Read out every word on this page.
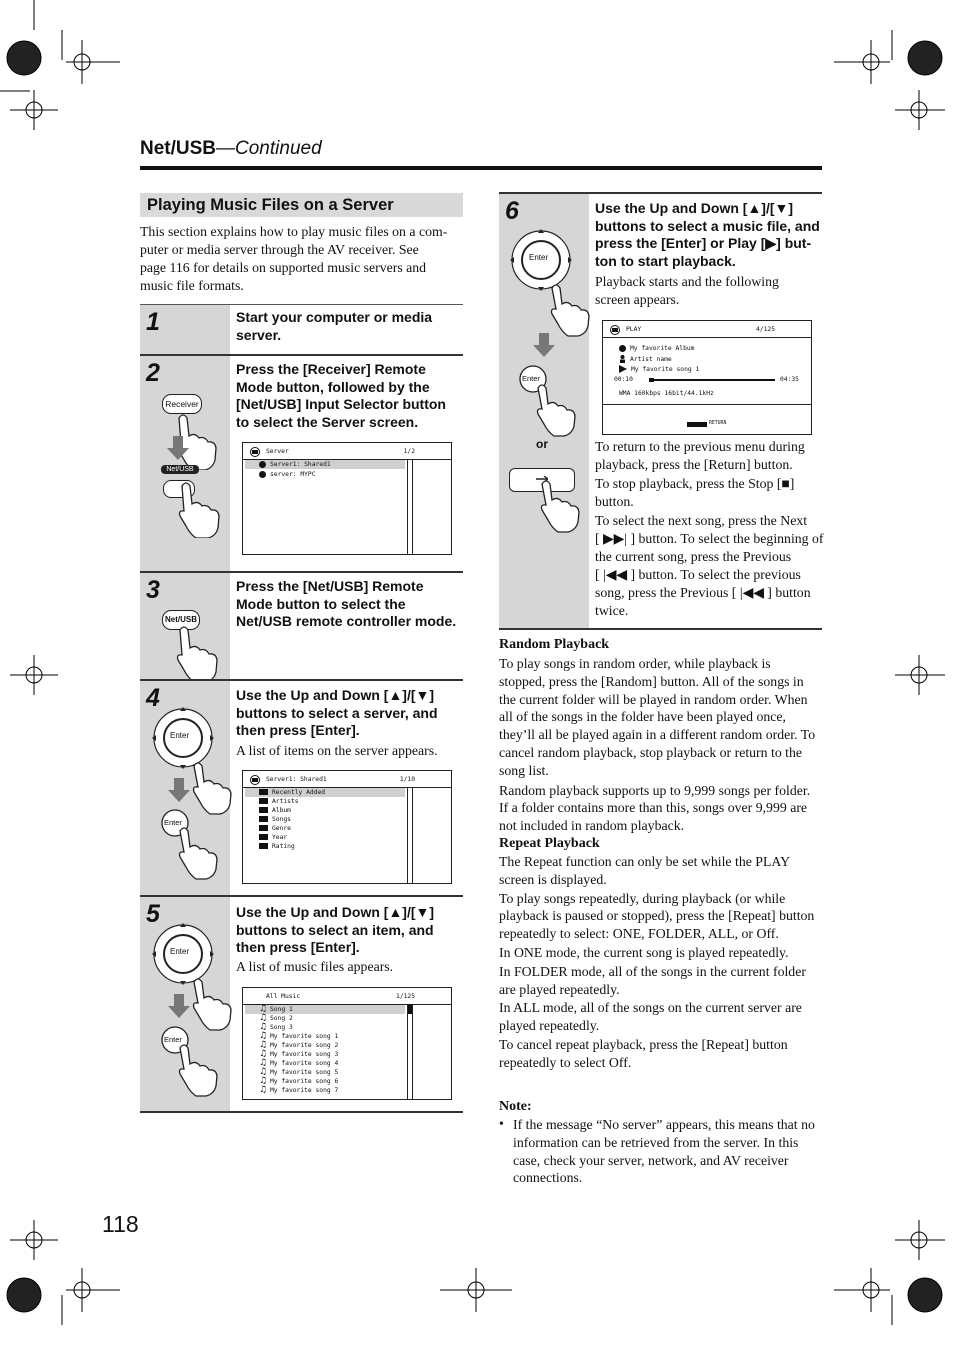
Net/USB—Continued
Playing Music Files on a Server
This section explains how to play music files on a com-
puter or media server through the AV receiver. See
page 116 for details on supported music servers and
music file formats.
1	Start your computer or media
server.
2	Press the [Receiver] Remote
Mode button, followed by the
[Net/USB] Input Selector button
to select the Server screen.
Receiver
Net/USB
Server	1/2
Server1: Shared1
server: MYPC
3	Press the [Net/USB] Remote
Mode button to select the
Net/USB remote controller mode.
Net/USB
4	Use the Up and Down [▲]/[▼]
buttons to select a server, and
then press [Enter].
A list of items on the server appears.
Enter
Enter
Server1: Shared1	1/10
Recently Added
Artists
Album
Songs
Genre
Year
Rating
5	Use the Up and Down [▲]/[▼]
buttons to select an item, and
then press [Enter].
A list of music files appears.
Enter
Enter
All Music	1/125
♫ Song 1
♫ Song 2
♫ Song 3
♫ My favorite song 1
♫ My favorite song 2
♫ My favorite song 3
♫ My favorite song 4
♫ My favorite song 5
♫ My favorite song 6
♫ My favorite song 7
6	Use the Up and Down [▲]/[▼]
buttons to select a music file, and
press the [Enter] or Play [▶] but-
ton to start playback.
Playback starts and the following
screen appears.
Enter
Enter
or
PLAY	4/125
My favorite Album
Artist name
My favorite song 1
00:10	04:35
WMA 160kbps 16bit/44.1kHz
RETURN
To return to the previous menu during
playback, press the [Return] button.
To stop playback, press the Stop [■]
button.
To select the next song, press the Next
[ ▶▶| ] button. To select the beginning of
the current song, press the Previous
[ |◀◀ ] button. To select the previous
song, press the Previous [ |◀◀ ] button
twice.
Random Playback
To play songs in random order, while playback is
stopped, press the [Random] button. All of the songs in
the current folder will be played in random order. When
all of the songs in the folder have been played once,
they’ll all be played again in a different random order. To
cancel random playback, stop playback or return to the
song list.
Random playback supports up to 9,999 songs per folder.
If a folder contains more than this, songs over 9,999 are
not included in random playback.
Repeat Playback
The Repeat function can only be set while the PLAY
screen is displayed.
To play songs repeatedly, during playback (or while
playback is paused or stopped), press the [Repeat] button
repeatedly to select: ONE, FOLDER, ALL, or Off.
In ONE mode, the current song is played repeatedly.
In FOLDER mode, all of the songs in the current folder
are played repeatedly.
In ALL mode, all of the songs on the current server are
played repeatedly.
To cancel repeat playback, press the [Repeat] button
repeatedly to select Off.
Note:
• If the message “No server” appears, this means that no
information can be retrieved from the server. In this
case, check your server, network, and AV receiver
connections.
118
